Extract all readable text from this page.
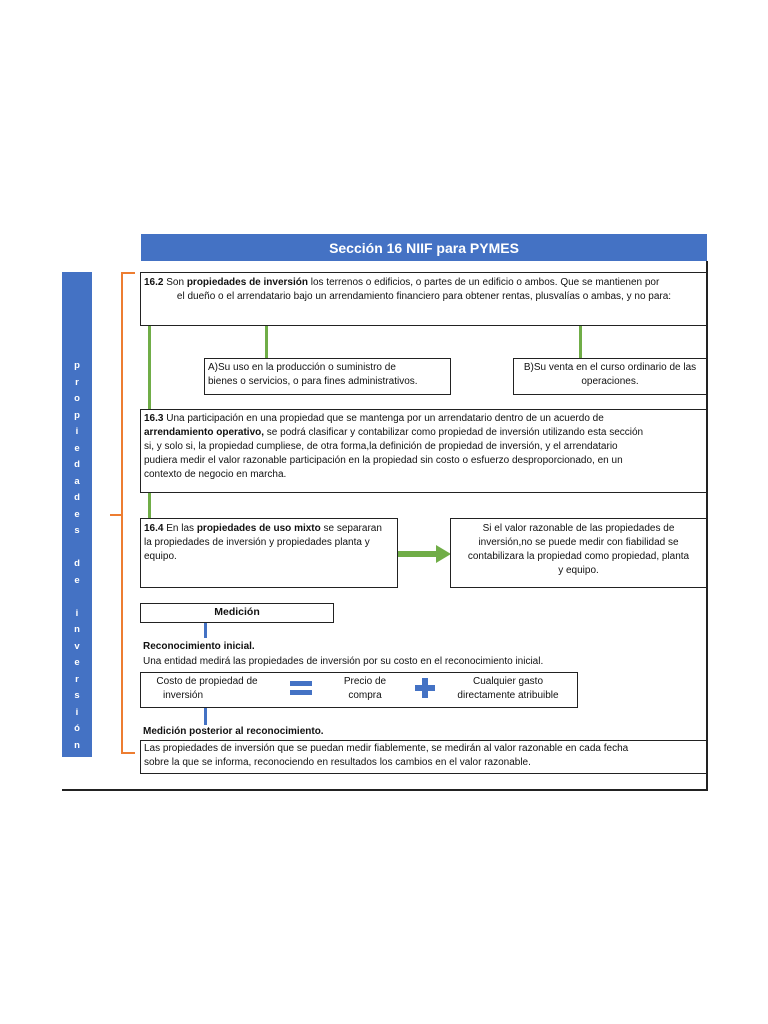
Sección 16 NIIF para PYMES
p
r
o
p
i
e
d
a
d
e
s
d
e
i
n
v
e
r
s
i
ó
n
16.2 Son propiedades de inversión los terrenos o edificios, o partes de un edificio o ambos. Que se mantienen por
el dueño o el arrendatario bajo un arrendamiento financiero para obtener rentas, plusvalías o ambas, y no para:
A)Su uso en la producción o suministro de
bienes o servicios, o para fines administrativos.
B)Su venta en el curso ordinario de las
operaciones.
16.3 Una participación en una propiedad que se mantenga por un arrendatario dentro de un acuerdo de
arrendamiento operativo, se podrá clasificar y contabilizar como propiedad de inversión utilizando esta sección
si, y solo si, la propiedad cumpliese, de otra forma,la definición de propiedad de inversión, y el arrendatario
pudiera medir el valor razonable participación en la propiedad sin costo o esfuerzo desproporcionado, en un
contexto de negocio en marcha.
16.4 En las propiedades de uso mixto se separaran
la propiedades de inversión y propiedades planta y
equipo.
Si el valor razonable de las propiedades de
inversión,no se puede medir con fiabilidad se
contabilizara la propiedad como propiedad, planta
y equipo.
Medición
Reconocimiento inicial.
Una entidad medirá las propiedades de inversión por su costo en el reconocimiento inicial.
Costo de propiedad de
inversión
Precio de
compra
Cualquier gasto
directamente atribuible
Medición posterior al reconocimiento.
Las propiedades de inversión que se puedan medir fiablemente, se medirán al valor razonable en cada fecha
sobre la que se informa, reconociendo en resultados los cambios en el valor razonable.
